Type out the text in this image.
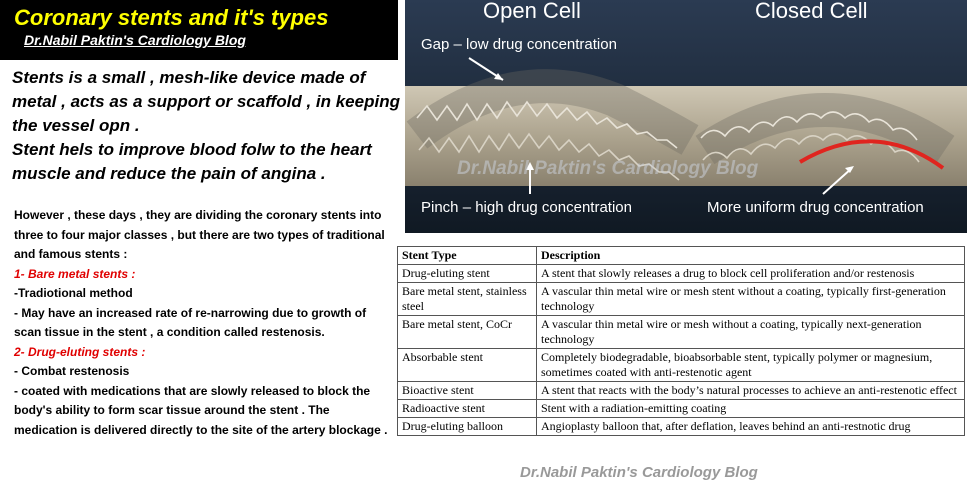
Coronary stents and it's types
Dr.Nabil Paktin's Cardiology Blog

Stents is a small , mesh-like device made of metal , acts as a support or scaffold , in keeping the vessel opn .

Stent hels to improve blood folw to the heart muscle and reduce the pain of angina .

However , these days , they are dividing the coronary stents into three to four major classes , but there are two types of traditional and famous stents :

1- Bare metal stents :

-Tradiotional method

- May have an increased rate of re-narrowing due to growth of scan tissue in the stent , a condition called restenosis.

2- Drug-eluting stents :

- Combat restenosis

- coated with medications that are slowly released to block the body's ability to form scar tissue around the stent . The medication is delivered directly to the site of the artery blockage .

Open Cell	Closed Cell
Gap – low drug concentration
Pinch – high drug concentration	More uniform drug concentration
Dr.Nabil Paktin's Cardiology Blog
Stent Type	Description
Drug-eluting stent	A stent that slowly releases a drug to block cell proliferation and/or restenosis
Bare metal stent, stainless steel	A vascular thin metal wire or mesh stent without a coating, typically first-generation technology
Bare metal stent, CoCr	A vascular thin metal wire or mesh without a coating, typically next-generation technology
Absorbable stent	Completely biodegradable, bioabsorbable stent, typically polymer or magnesium, sometimes coated with anti-restenotic agent
Bioactive stent	A stent that reacts with the body’s natural processes to achieve an anti-restenotic effect
Radioactive stent	Stent with a radiation-emitting coating
Drug-eluting balloon	Angioplasty balloon that, after deflation, leaves behind an anti-restnotic drug
Dr.Nabil Paktin's Cardiology Blog
